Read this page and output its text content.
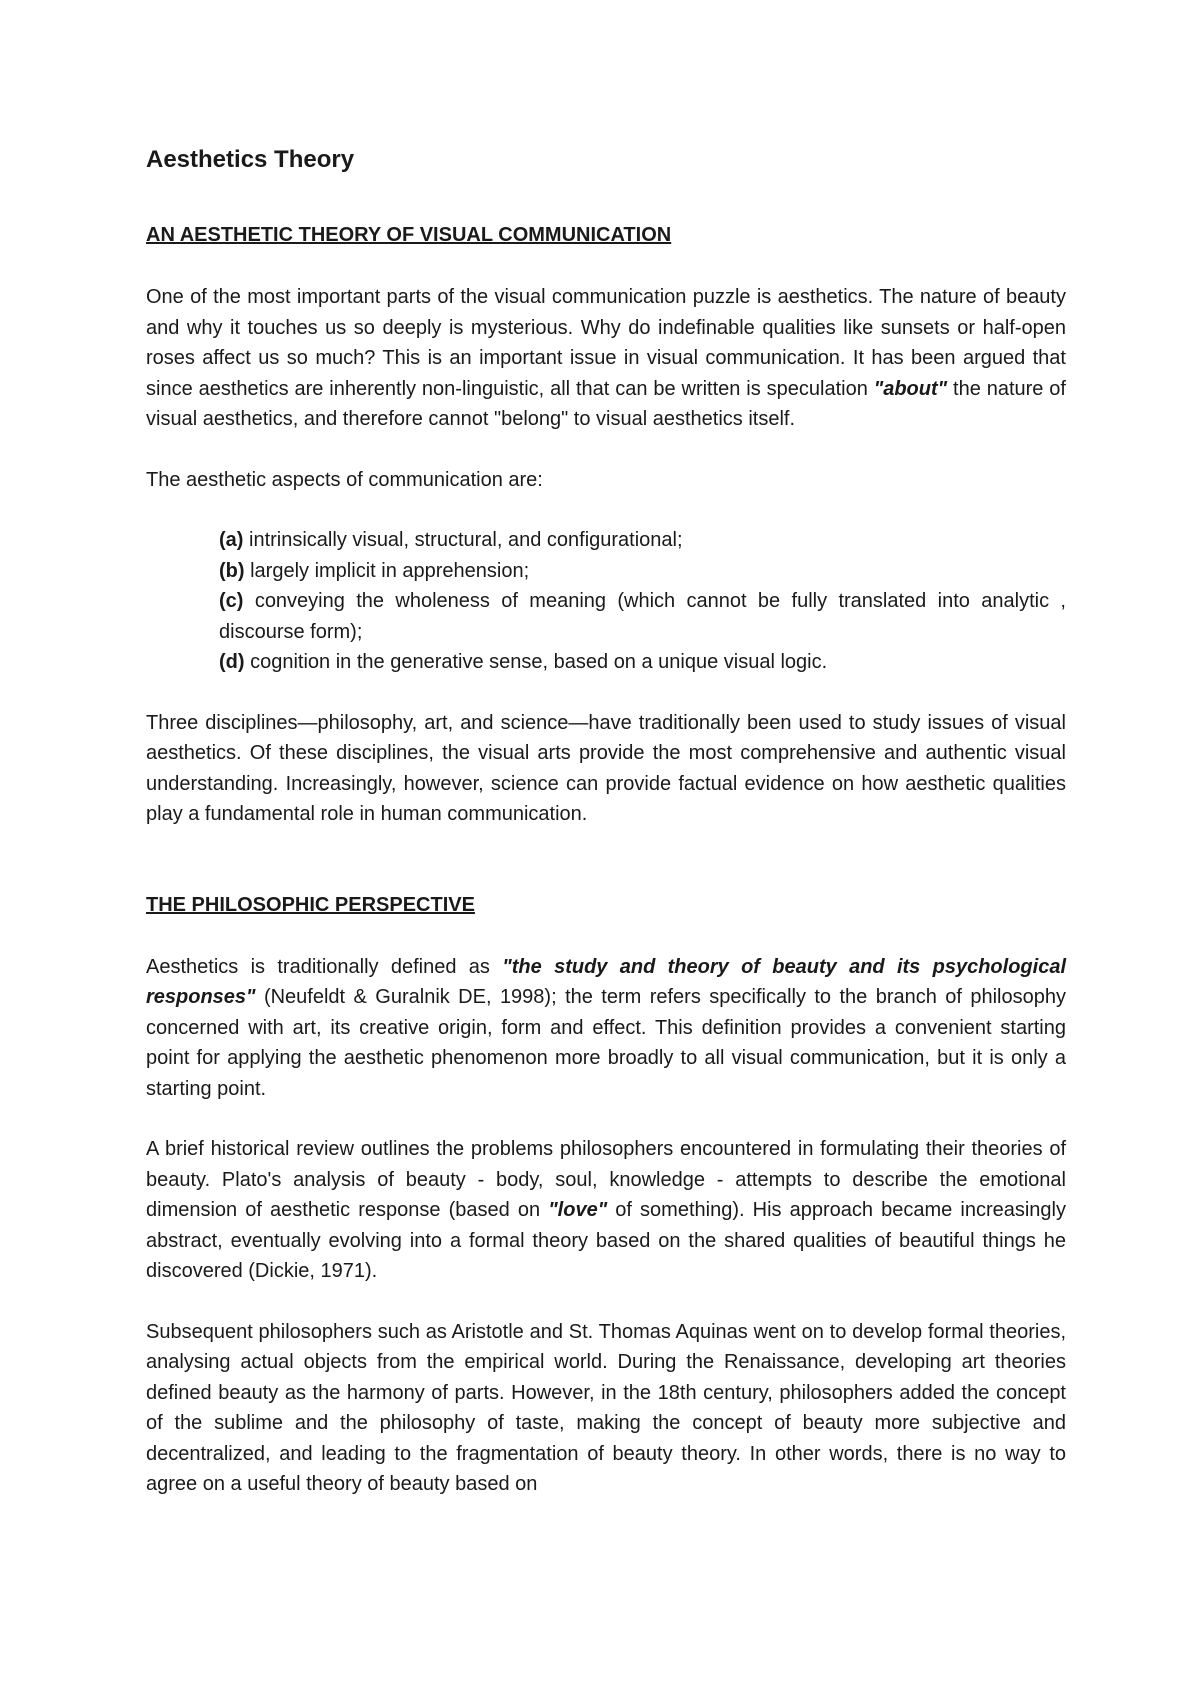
Aesthetics Theory
AN AESTHETIC THEORY OF VISUAL COMMUNICATION

One of the most important parts of the visual communication puzzle is aesthetics. The nature of beauty and why it touches us so deeply is mysterious. Why do indefinable qualities like sunsets or half-open roses affect us so much? This is an important issue in visual communication. It has been argued that since aesthetics are inherently non-linguistic, all that can be written is speculation "about" the nature of visual aesthetics, and therefore cannot "belong" to visual aesthetics itself.

The aesthetic aspects of communication are:

(a) intrinsically visual, structural, and configurational;
(b) largely implicit in apprehension;
(c) conveying the wholeness of meaning (which cannot be fully translated into analytic , discourse form);
(d) cognition in the generative sense, based on a unique visual logic.

Three disciplines—philosophy, art, and science—have traditionally been used to study issues of visual aesthetics. Of these disciplines, the visual arts provide the most comprehensive and authentic visual understanding. Increasingly, however, science can provide factual evidence on how aesthetic qualities play a fundamental role in human communication.

THE PHILOSOPHIC PERSPECTIVE

Aesthetics is traditionally defined as "the study and theory of beauty and its psychological responses" (Neufeldt & Guralnik DE, 1998); the term refers specifically to the branch of philosophy concerned with art, its creative origin, form and effect. This definition provides a convenient starting point for applying the aesthetic phenomenon more broadly to all visual communication, but it is only a starting point.

A brief historical review outlines the problems philosophers encountered in formulating their theories of beauty. Plato's analysis of beauty - body, soul, knowledge - attempts to describe the emotional dimension of aesthetic response (based on "love" of something). His approach became increasingly abstract, eventually evolving into a formal theory based on the shared qualities of beautiful things he discovered (Dickie, 1971).

Subsequent philosophers such as Aristotle and St. Thomas Aquinas went on to develop formal theories, analysing actual objects from the empirical world. During the Renaissance, developing art theories defined beauty as the harmony of parts. However, in the 18th century, philosophers added the concept of the sublime and the philosophy of taste, making the concept of beauty more subjective and decentralized, and leading to the fragmentation of beauty theory. In other words, there is no way to agree on a useful theory of beauty based on
